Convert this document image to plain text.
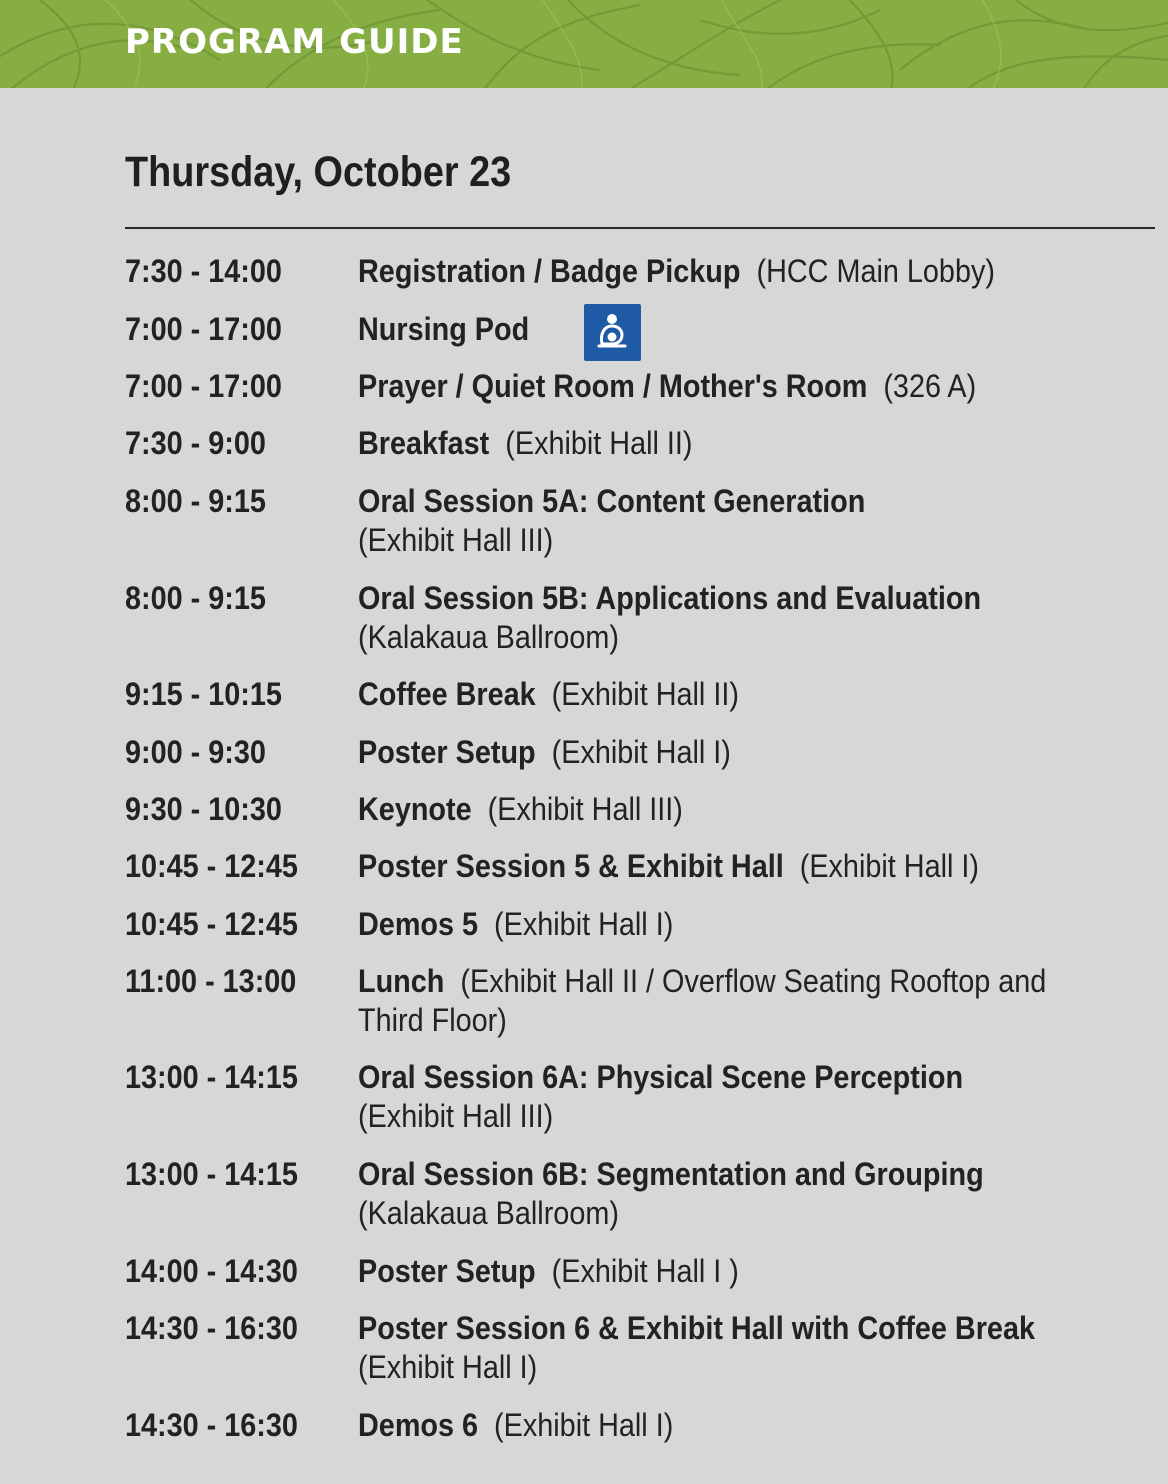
PROGRAM GUIDE
Thursday, October 23
7:30 - 14:00	Registration / Badge Pickup (HCC Main Lobby)
7:00 - 17:00	Nursing Pod
7:00 - 17:00	Prayer / Quiet Room / Mother's Room (326 A)
7:30 - 9:00	Breakfast (Exhibit Hall II)
8:00 - 9:15	Oral Session 5A: Content Generation
(Exhibit Hall III)
8:00 - 9:15	Oral Session 5B: Applications and Evaluation
(Kalakaua Ballroom)
9:15 - 10:15	Coffee Break (Exhibit Hall II)
9:00 - 9:30	Poster Setup (Exhibit Hall I)
9:30 - 10:30	Keynote (Exhibit Hall III)
10:45 - 12:45	Poster Session 5 & Exhibit Hall (Exhibit Hall I)
10:45 - 12:45	Demos 5 (Exhibit Hall I)
11:00 - 13:00	Lunch (Exhibit Hall II / Overflow Seating Rooftop and Third Floor)
13:00 - 14:15	Oral Session 6A: Physical Scene Perception
(Exhibit Hall III)
13:00 - 14:15	Oral Session 6B: Segmentation and Grouping
(Kalakaua Ballroom)
14:00 - 14:30	Poster Setup (Exhibit Hall I )
14:30 - 16:30	Poster Session 6 & Exhibit Hall with Coffee Break
(Exhibit Hall I)
14:30 - 16:30	Demos 6 (Exhibit Hall I)
